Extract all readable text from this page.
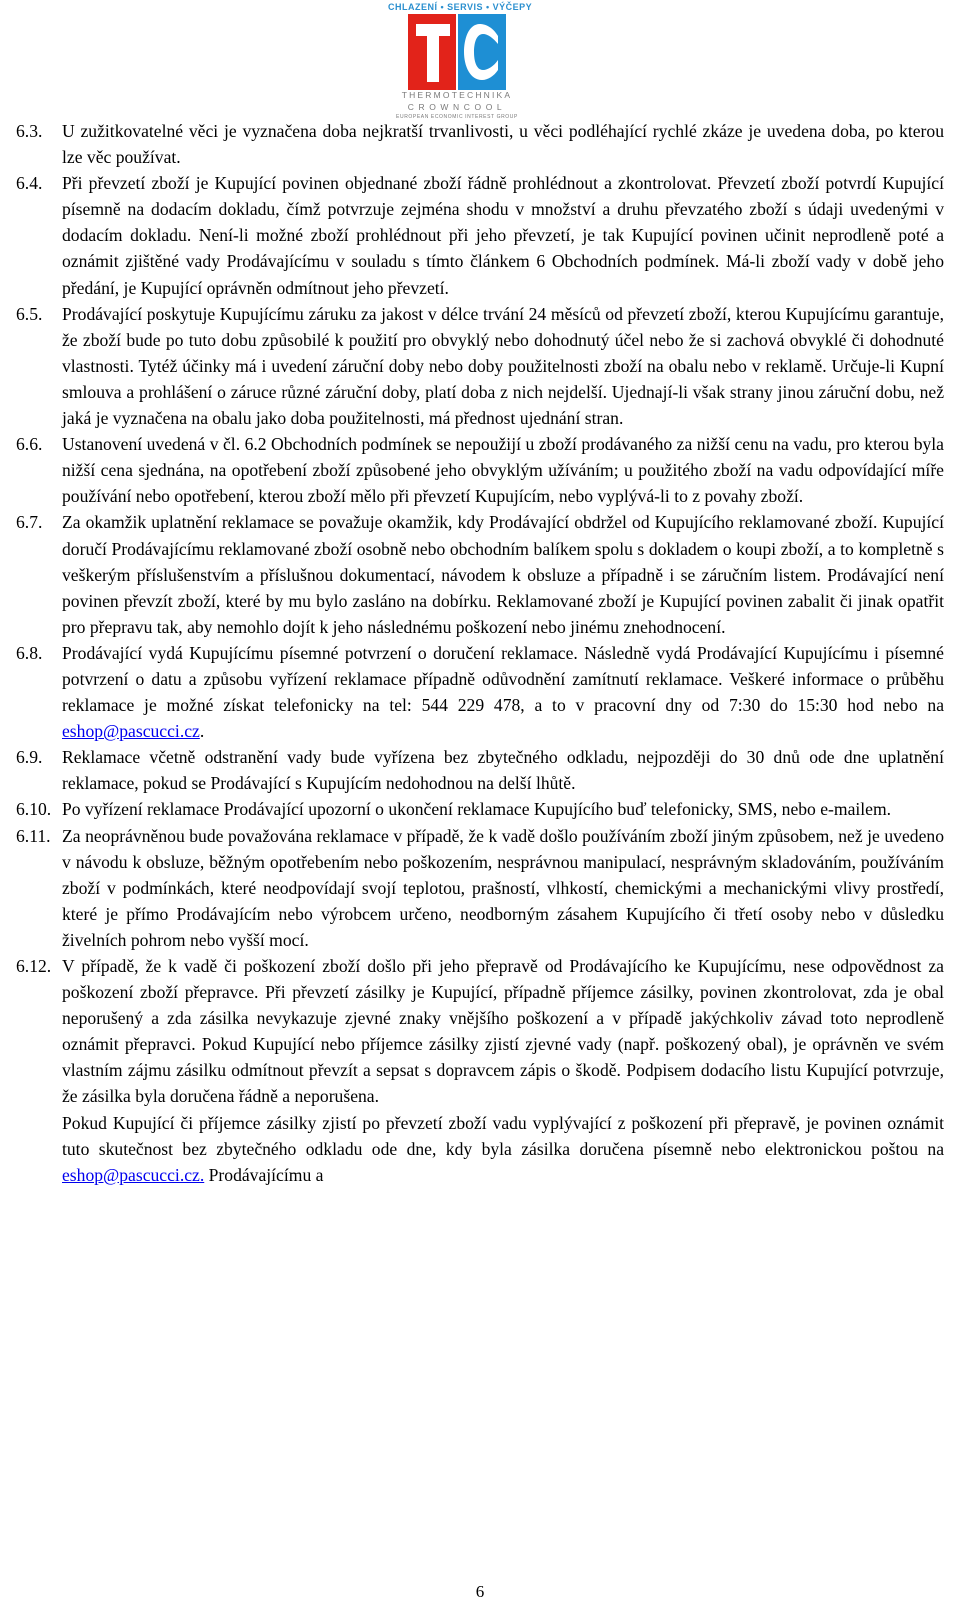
CHLAZENÍ • SERVIS • VÝČEPY
THERMOTECHNIKA
CROWNCOOL
EUROPEAN ECONOMIC INTEREST GROUP
6.3.	U zužitkovatelné věci je vyznačena doba nejkratší trvanlivosti, u věci podléhající rychlé zkáze je uvedena doba, po kterou lze věc používat.
6.4.	Při převzetí zboží je Kupující povinen objednané zboží řádně prohlédnout a zkontrolovat. Převzetí zboží potvrdí Kupující písemně na dodacím dokladu, čímž potvrzuje zejména shodu v množství a druhu převzatého zboží s údaji uvedenými v dodacím dokladu. Není-li možné zboží prohlédnout při jeho převzetí, je tak Kupující povinen učinit neprodleně poté a oznámit zjištěné vady Prodávajícímu v souladu s tímto článkem 6 Obchodních podmínek. Má-li zboží vady v době jeho předání, je Kupující oprávněn odmítnout jeho převzetí.
6.5.	Prodávající poskytuje Kupujícímu záruku za jakost v délce trvání 24 měsíců od převzetí zboží, kterou Kupujícímu garantuje, že zboží bude po tuto dobu způsobilé k použití pro obvyklý nebo dohodnutý účel nebo že si zachová obvyklé či dohodnuté vlastnosti. Tytéž účinky má i uvedení záruční doby nebo doby použitelnosti zboží na obalu nebo v reklamě. Určuje-li Kupní smlouva a prohlášení o záruce různé záruční doby, platí doba z nich nejdelší. Ujednají-li však strany jinou záruční dobu, než jaká je vyznačena na obalu jako doba použitelnosti, má přednost ujednání stran.
6.6.	Ustanovení uvedená v čl. 6.2 Obchodních podmínek se nepoužijí u zboží prodávaného za nižší cenu na vadu, pro kterou byla nižší cena sjednána, na opotřebení zboží způsobené jeho obvyklým užíváním; u použitého zboží na vadu odpovídající míře používání nebo opotřebení, kterou zboží mělo při převzetí Kupujícím, nebo vyplývá-li to z povahy zboží.
6.7.	Za okamžik uplatnění reklamace se považuje okamžik, kdy Prodávající obdržel od Kupujícího reklamované zboží. Kupující doručí Prodávajícímu reklamované zboží osobně nebo obchodním balíkem spolu s dokladem o koupi zboží, a to kompletně s veškerým příslušenstvím a příslušnou dokumentací, návodem k obsluze a případně i se záručním listem. Prodávající není povinen převzít zboží, které by mu bylo zasláno na dobírku. Reklamované zboží je Kupující povinen zabalit či jinak opatřit pro přepravu tak, aby nemohlo dojít k jeho následnému poškození nebo jinému znehodnocení.
6.8.	Prodávající vydá Kupujícímu písemné potvrzení o doručení reklamace. Následně vydá Prodávající Kupujícímu i písemné potvrzení o datu a způsobu vyřízení reklamace případně odůvodnění zamítnutí reklamace. Veškeré informace o průběhu reklamace je možné získat telefonicky na tel: 544 229 478, a to v pracovní dny od 7:30 do 15:30 hod nebo na eshop@pascucci.cz.
6.9.	Reklamace včetně odstranění vady bude vyřízena bez zbytečného odkladu, nejpozději do 30 dnů ode dne uplatnění reklamace, pokud se Prodávající s Kupujícím nedohodnou na delší lhůtě.
6.10. Po vyřízení reklamace Prodávající upozorní o ukončení reklamace Kupujícího buď telefonicky, SMS, nebo e-mailem.
6.11. Za neoprávněnou bude považována reklamace v případě, že k vadě došlo používáním zboží jiným způsobem, než je uvedeno v návodu k obsluze, běžným opotřebením nebo poškozením, nesprávnou manipulací, nesprávným skladováním, používáním zboží v podmínkách, které neodpovídají svojí teplotou, prašností, vlhkostí, chemickými a mechanickými vlivy prostředí, které je přímo Prodávajícím nebo výrobcem určeno, neodborným zásahem Kupujícího či třetí osoby nebo v důsledku živelních pohrom nebo vyšší mocí.
6.12. V případě, že k vadě či poškození zboží došlo při jeho přepravě od Prodávajícího ke Kupujícímu, nese odpovědnost za poškození zboží přepravce. Při převzetí zásilky je Kupující, případně příjemce zásilky, povinen zkontrolovat, zda je obal neporušený a zda zásilka nevykazuje zjevné znaky vnějšího poškození a v případě jakýchkoliv závad toto neprodleně oznámit přepravci. Pokud Kupující nebo příjemce zásilky zjistí zjevné vady (např. poškozený obal), je oprávněn ve svém vlastním zájmu zásilku odmítnout převzít a sepsat s dopravcem zápis o škodě. Podpisem dodacího listu Kupující potvrzuje, že zásilka byla doručena řádně a neporušena.
Pokud Kupující či příjemce zásilky zjistí po převzetí zboží vadu vyplývající z poškození při přepravě, je povinen oznámit tuto skutečnost bez zbytečného odkladu ode dne, kdy byla zásilka doručena písemně nebo elektronickou poštou na eshop@pascucci.cz. Prodávajícímu a
6
